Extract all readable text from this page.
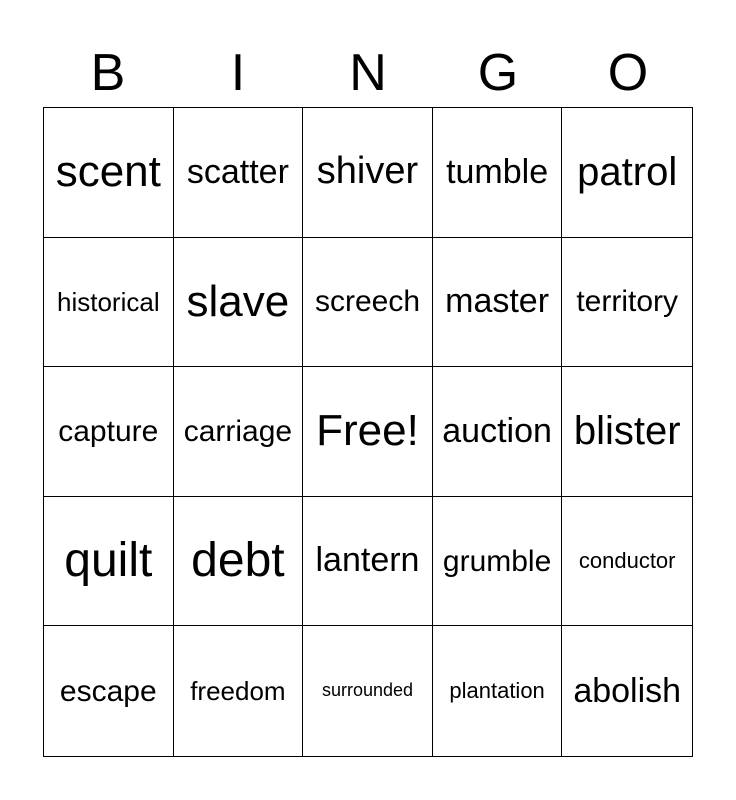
B	I	N	G	O
scent scatter shiver tumble patrol
historical slave screech master territory
capture carriage Free! auction blister
quilt debt lantern grumble	conductor
escape	freedom	surrounded	plantation abolish
